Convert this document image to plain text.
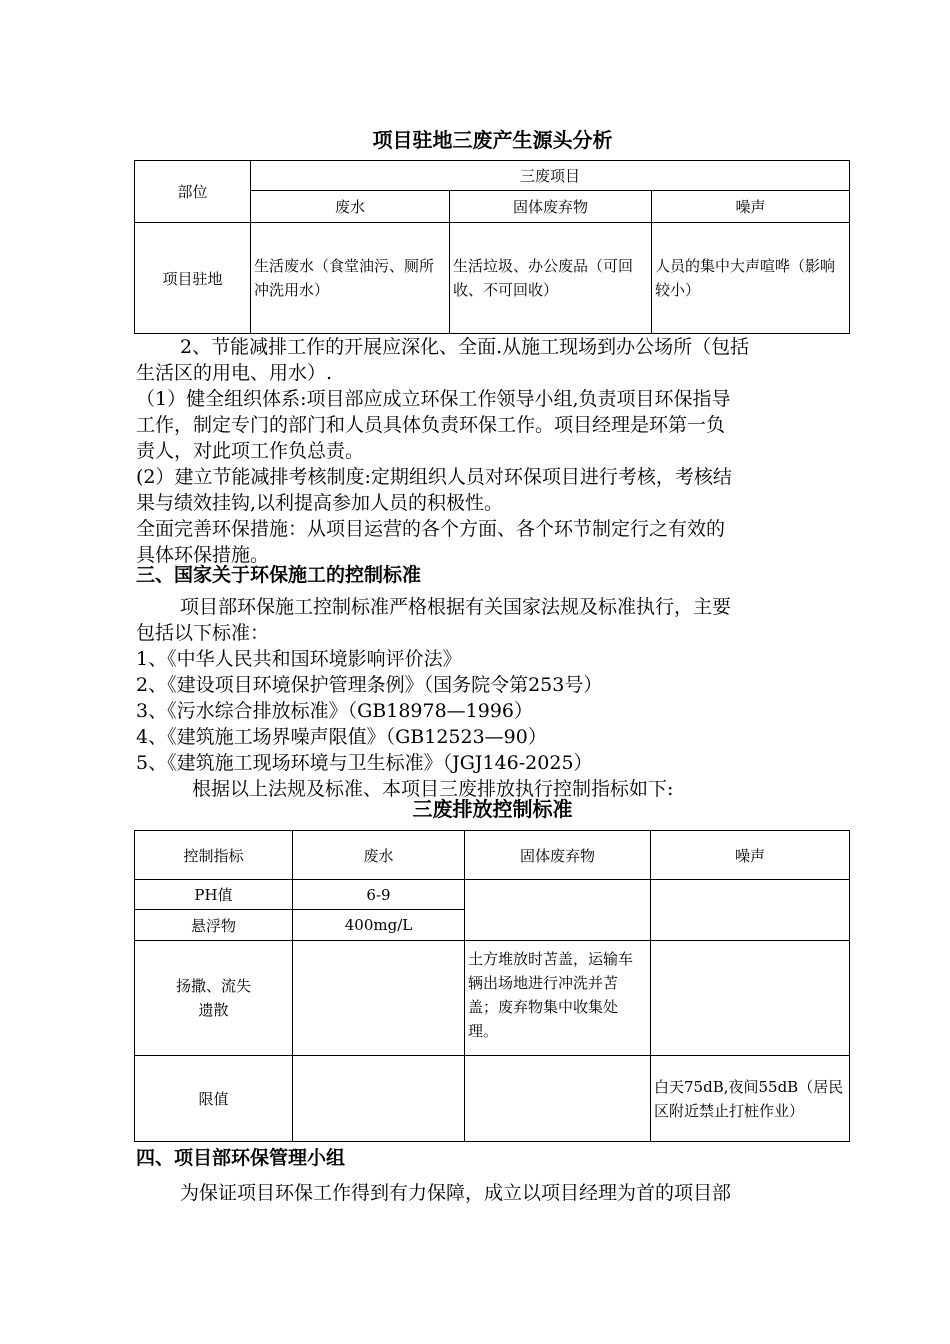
项目驻地三废产生源头分析
部位	三废项目		
	废水	固体废弃物	噪声
项目驻地	生活废水（食堂油污、厕所冲洗用水）	生活垃圾、办公废品（可回收、不可回收）	人员的集中大声喧哗（影响较小）
2、节能减排工作的开展应深化、全面.从施工现场到办公场所（包括
生活区的用电、用水）.
（1）健全组织体系:项目部应成立环保工作领导小组,负责项目环保指导
工作，制定专门的部门和人员具体负责环保工作。项目经理是环第一负
责人，对此项工作负总责。
(2）建立节能减排考核制度:定期组织人员对环保项目进行考核，考核结
果与绩效挂钩,以利提高参加人员的积极性。
全面完善环保措施：从项目运营的各个方面、各个环节制定行之有效的
具体环保措施。
三、国家关于环保施工的控制标准
项目部环保施工控制标准严格根据有关国家法规及标准执行，主要
包括以下标准：
1、《中华人民共和国环境影响评价法》
2、《建设项目环境保护管理条例》（国务院令第253号）
3、《污水综合排放标准》（GB18978—1996）
4、《建筑施工场界噪声限值》（GB12523—90）
5、《建筑施工现场环境与卫生标准》（JGJ146-2025）
根据以上法规及标准、本项目三废排放执行控制指标如下:
三废排放控制标准
控制指标	废水	固体废弃物	噪声
PH值	6-9		
悬浮物	400mg/L		

扬撒、流失
遗散		土方堆放时苫盖，运输车辆出场地进行冲洗并苫盖；废弃物集中收集处理。	
限值			白天75dB,夜间55dB（居民区附近禁止打桩作业）
四、项目部环保管理小组
为保证项目环保工作得到有力保障，成立以项目经理为首的项目部
